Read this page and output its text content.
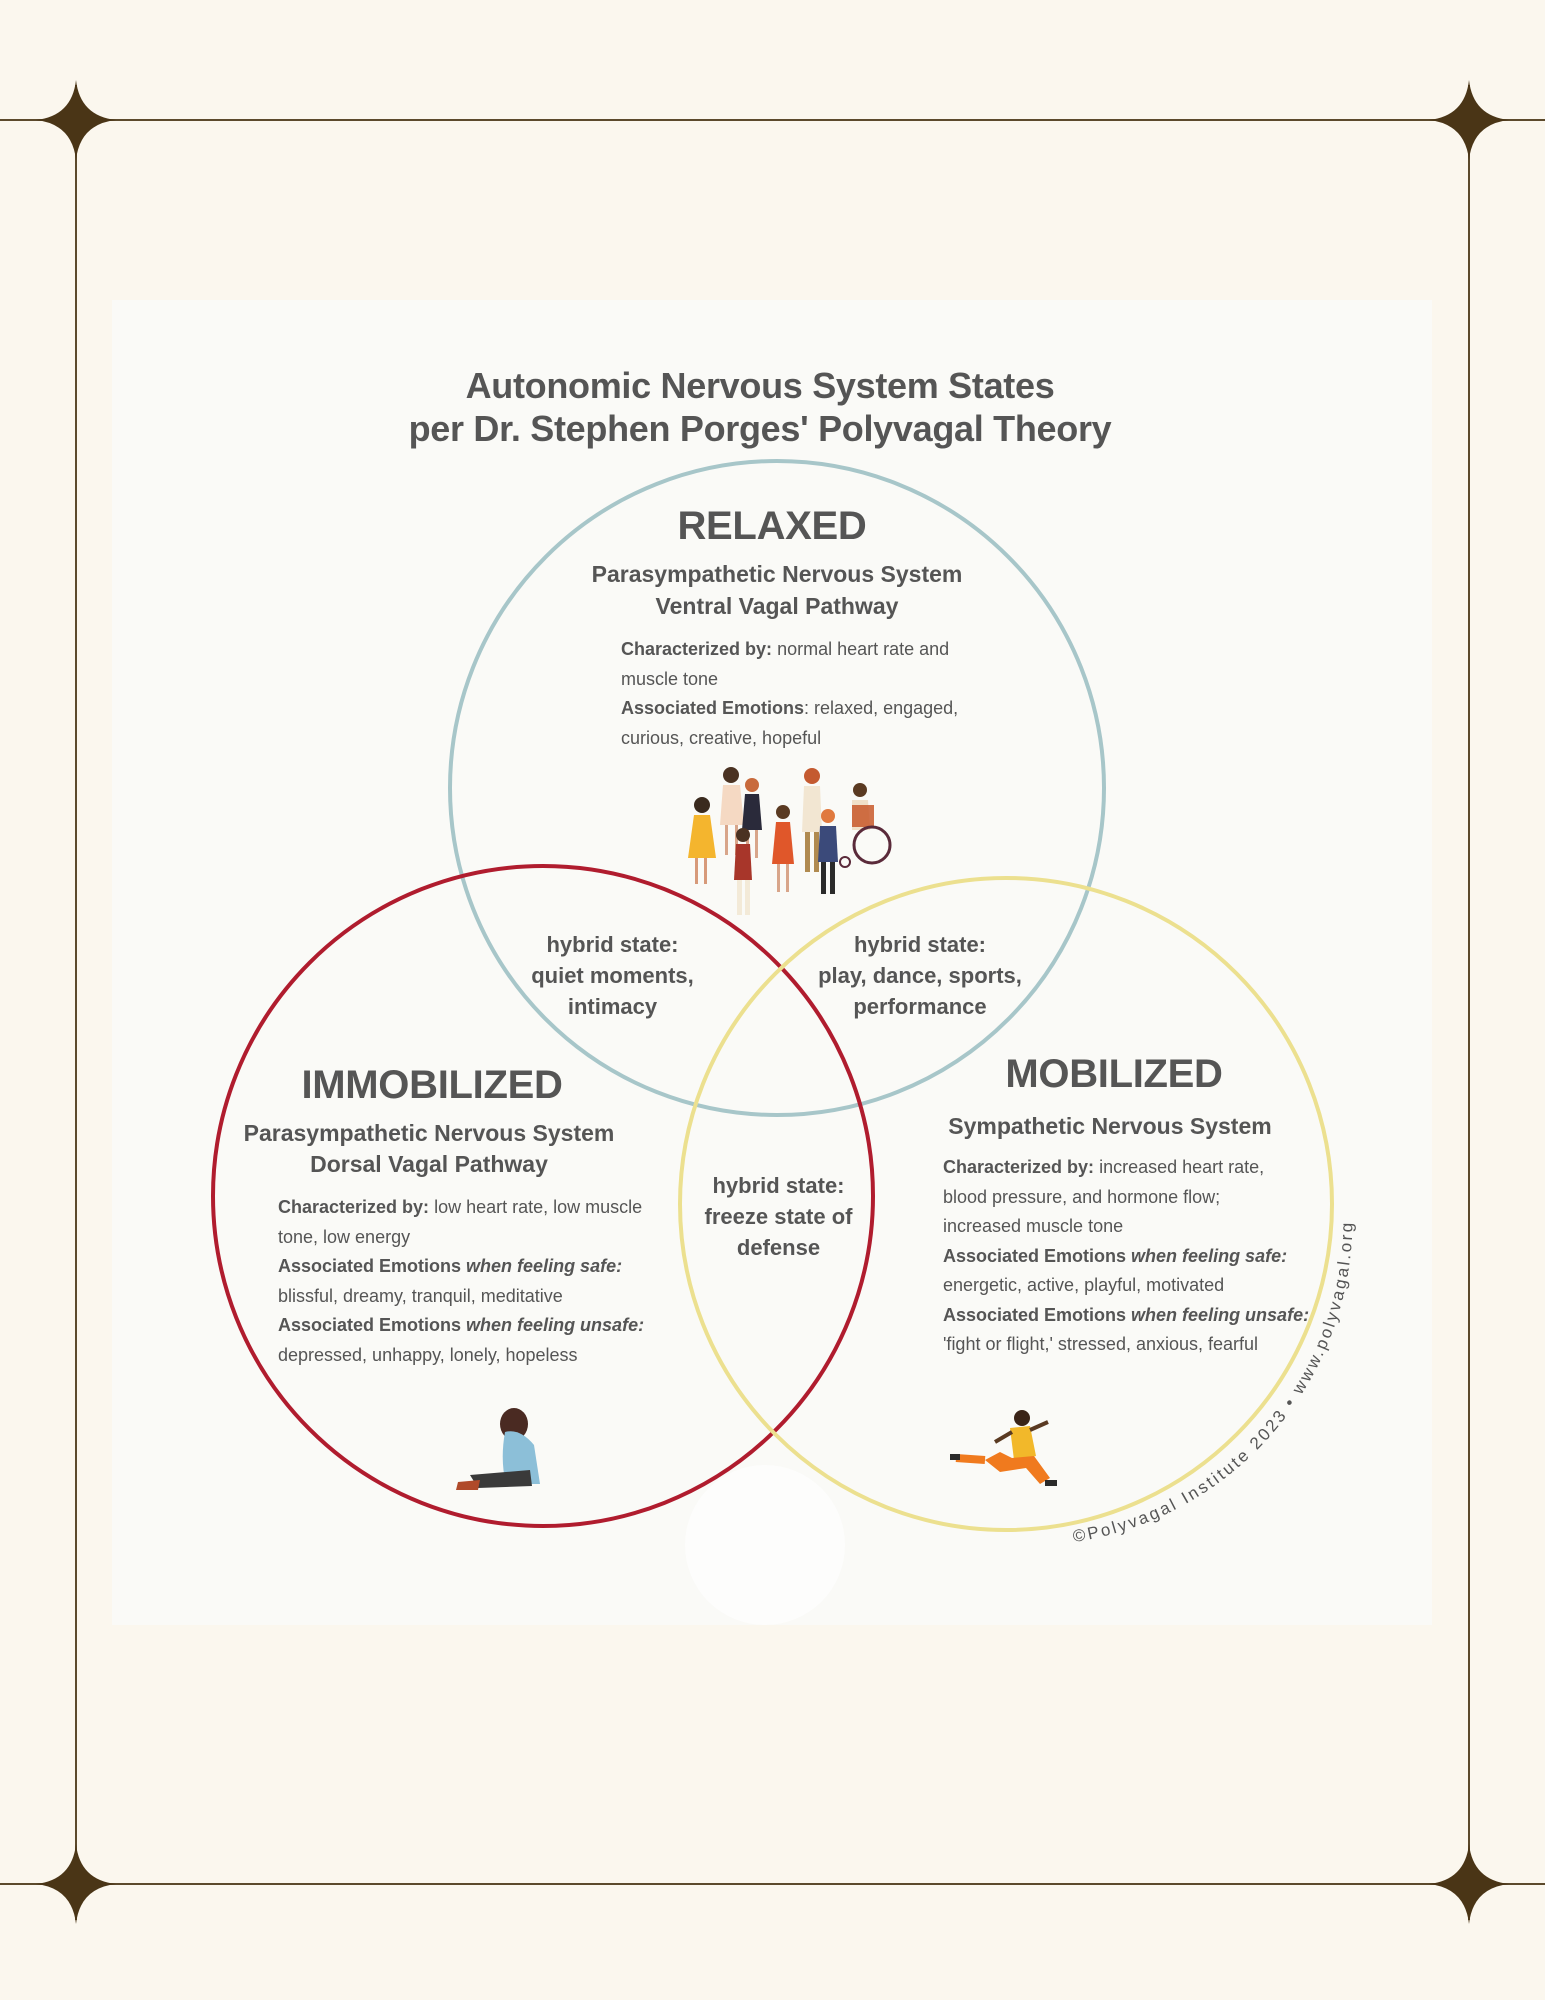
©Polyvagal Institute 2023 • www.polyvagal.org
Autonomic Nervous System States
per Dr. Stephen Porges' Polyvagal Theory
RELAXED
Parasympathetic Nervous System
Ventral Vagal Pathway
Characterized by: normal heart rate and
muscle tone
Associated Emotions: relaxed, engaged,
curious, creative, hopeful
hybrid state:
quiet moments,
intimacy
hybrid state:
play, dance, sports,
performance
hybrid state:
freeze state of
defense
IMMOBILIZED
Parasympathetic Nervous System
Dorsal Vagal Pathway
Characterized by: low heart rate, low muscle
tone, low energy
Associated Emotions when feeling safe:
blissful, dreamy, tranquil, meditative
Associated Emotions when feeling unsafe:
depressed, unhappy, lonely, hopeless
MOBILIZED
Sympathetic Nervous System
Characterized by: increased heart rate,
blood pressure, and hormone flow;
increased muscle tone
Associated Emotions when feeling safe:
energetic, active, playful, motivated
Associated Emotions when feeling unsafe:
'fight or flight,' stressed, anxious, fearful
